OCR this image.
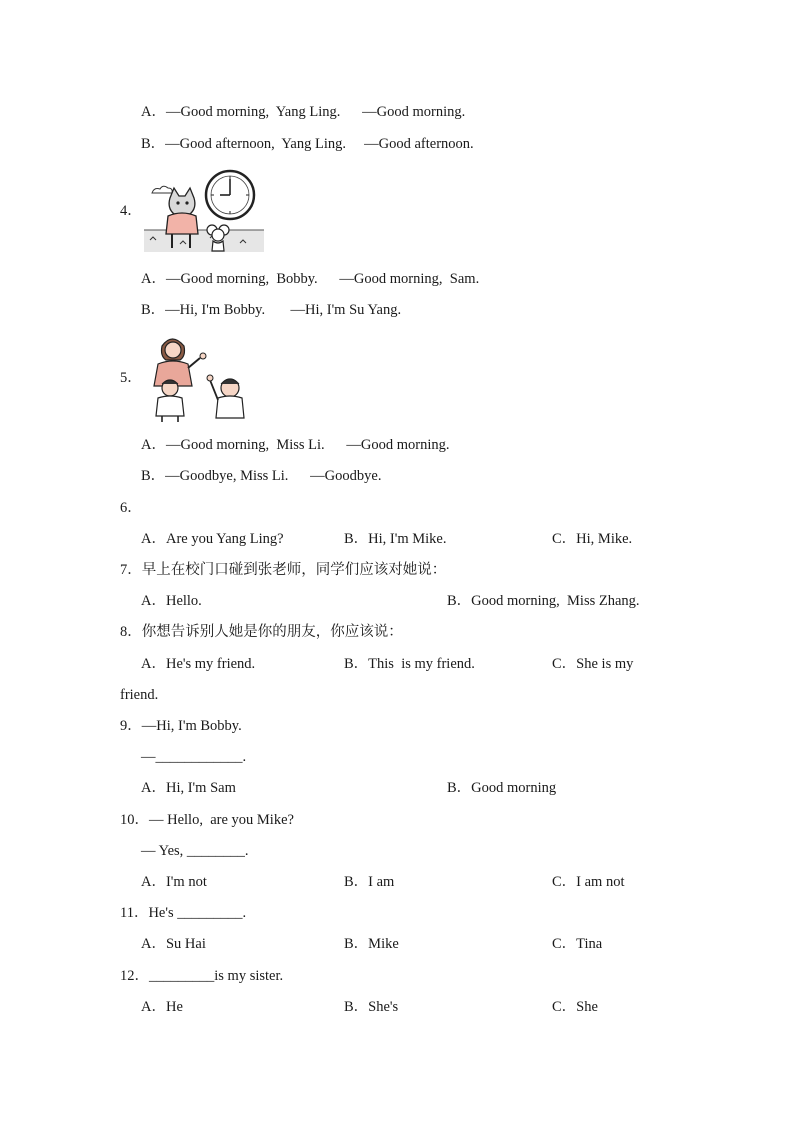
A．—Good morning,  Yang Ling.      —Good morning.
B．—Good afternoon,  Yang Ling.     —Good afternoon.
4．
A．—Good morning,  Bobby.      —Good morning,  Sam.
B．—Hi, I'm Bobby.       —Hi, I'm Su Yang.
5．
A．—Good morning,  Miss Li.      —Good morning.
B．—Goodbye, Miss Li.      —Goodbye.
6．
A．Are you Yang Ling?	B．Hi, I'm Mike.	C．Hi, Mike.
7．早上在校门口碰到张老师，同学们应该对她说：
A．Hello.	B．Good morning,  Miss Zhang.
8．你想告诉别人她是你的朋友，你应该说：
A．He's my friend.	B．This  is my friend.	C．She is my
friend.
9．—Hi, I'm Bobby.
—____________.
A．Hi, I'm Sam	B．Good morning
10．— Hello,  are you Mike?
— Yes, ________.
A．I'm not	B．I am	C．I am not
11．He's _________.
A．Su Hai	B．Mike	C．Tina
12．_________is my sister.
A．He	B．She's	C．She
